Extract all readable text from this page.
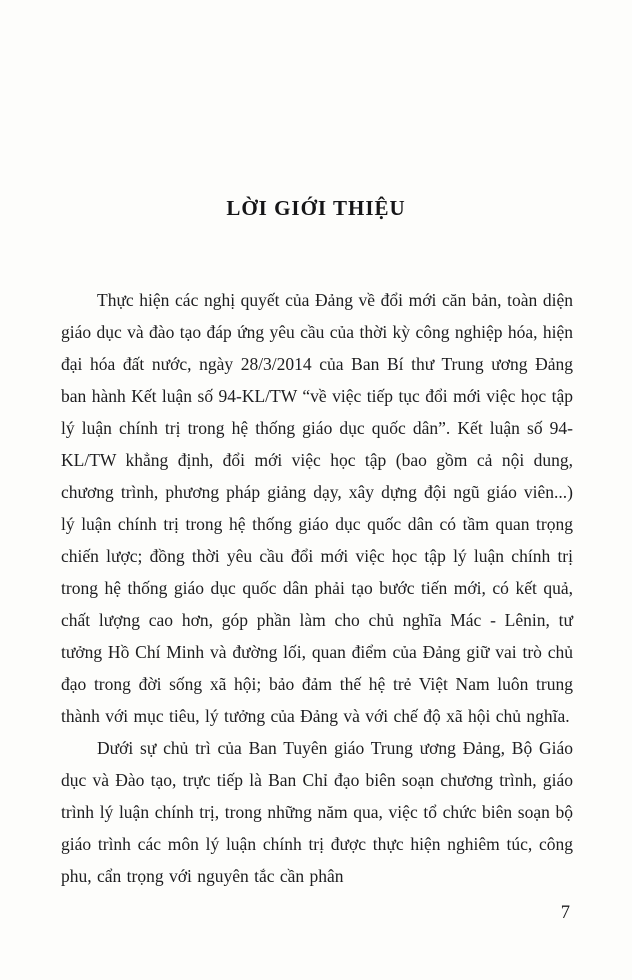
LỜI GIỚI THIỆU

Thực hiện các nghị quyết của Đảng về đổi mới căn bản, toàn diện giáo dục và đào tạo đáp ứng yêu cầu của thời kỳ công nghiệp hóa, hiện đại hóa đất nước, ngày 28/3/2014 của Ban Bí thư Trung ương Đảng ban hành Kết luận số 94-KL/TW “về việc tiếp tục đổi mới việc học tập lý luận chính trị trong hệ thống giáo dục quốc dân”. Kết luận số 94-KL/TW khẳng định, đổi mới việc học tập (bao gồm cả nội dung, chương trình, phương pháp giảng dạy, xây dựng đội ngũ giáo viên...) lý luận chính trị trong hệ thống giáo dục quốc dân có tầm quan trọng chiến lược; đồng thời yêu cầu đổi mới việc học tập lý luận chính trị trong hệ thống giáo dục quốc dân phải tạo bước tiến mới, có kết quả, chất lượng cao hơn, góp phần làm cho chủ nghĩa Mác - Lênin, tư tưởng Hồ Chí Minh và đường lối, quan điểm của Đảng giữ vai trò chủ đạo trong đời sống xã hội; bảo đảm thế hệ trẻ Việt Nam luôn trung thành với mục tiêu, lý tưởng của Đảng và với chế độ xã hội chủ nghĩa.

Dưới sự chủ trì của Ban Tuyên giáo Trung ương Đảng, Bộ Giáo dục và Đào tạo, trực tiếp là Ban Chỉ đạo biên soạn chương trình, giáo trình lý luận chính trị, trong những năm qua, việc tổ chức biên soạn bộ giáo trình các môn lý luận chính trị được thực hiện nghiêm túc, công phu, cẩn trọng với nguyên tắc cần phân

7
